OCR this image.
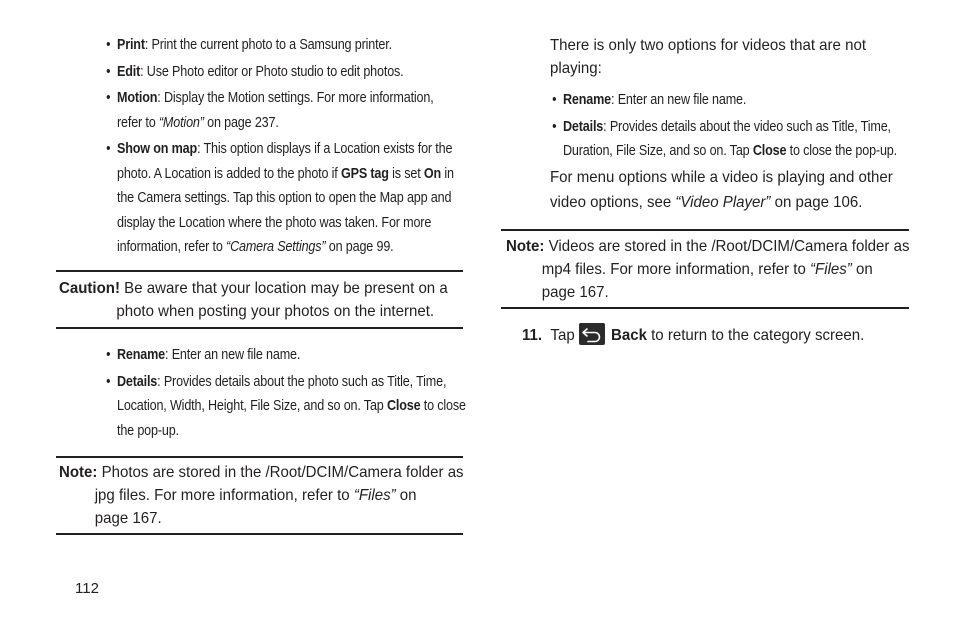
• Print: Print the current photo to a Samsung printer.
• Edit: Use Photo editor or Photo studio to edit photos.
• Motion: Display the Motion settings. For more information,
refer to “Motion” on page 237.
• Show on map: This option displays if a Location exists for the
photo. A Location is added to the photo if GPS tag is set On in
the Camera settings. Tap this option to open the Map app and
display the Location where the photo was taken. For more
information, refer to “Camera Settings” on page 99.
Caution! Be aware that your location may be present on a
photo when posting your photos on the internet.
• Rename: Enter an new file name.
• Details: Provides details about the photo such as Title, Time,
Location, Width, Height, File Size, and so on. Tap Close to close
the pop-up.
Note: Photos are stored in the /Root/DCIM/Camera folder as
jpg files. For more information, refer to “Files” on
page 167.
112
There is only two options for videos that are not
playing:
• Rename: Enter an new file name.
• Details: Provides details about the video such as Title, Time,
Duration, File Size, and so on. Tap Close to close the pop-up.
For menu options while a video is playing and other
video options, see “Video Player” on page 106.
Note: Videos are stored in the /Root/DCIM/Camera folder as
mp4 files. For more information, refer to “Files” on
page 167.
11. Tap Back to return to the category screen.
